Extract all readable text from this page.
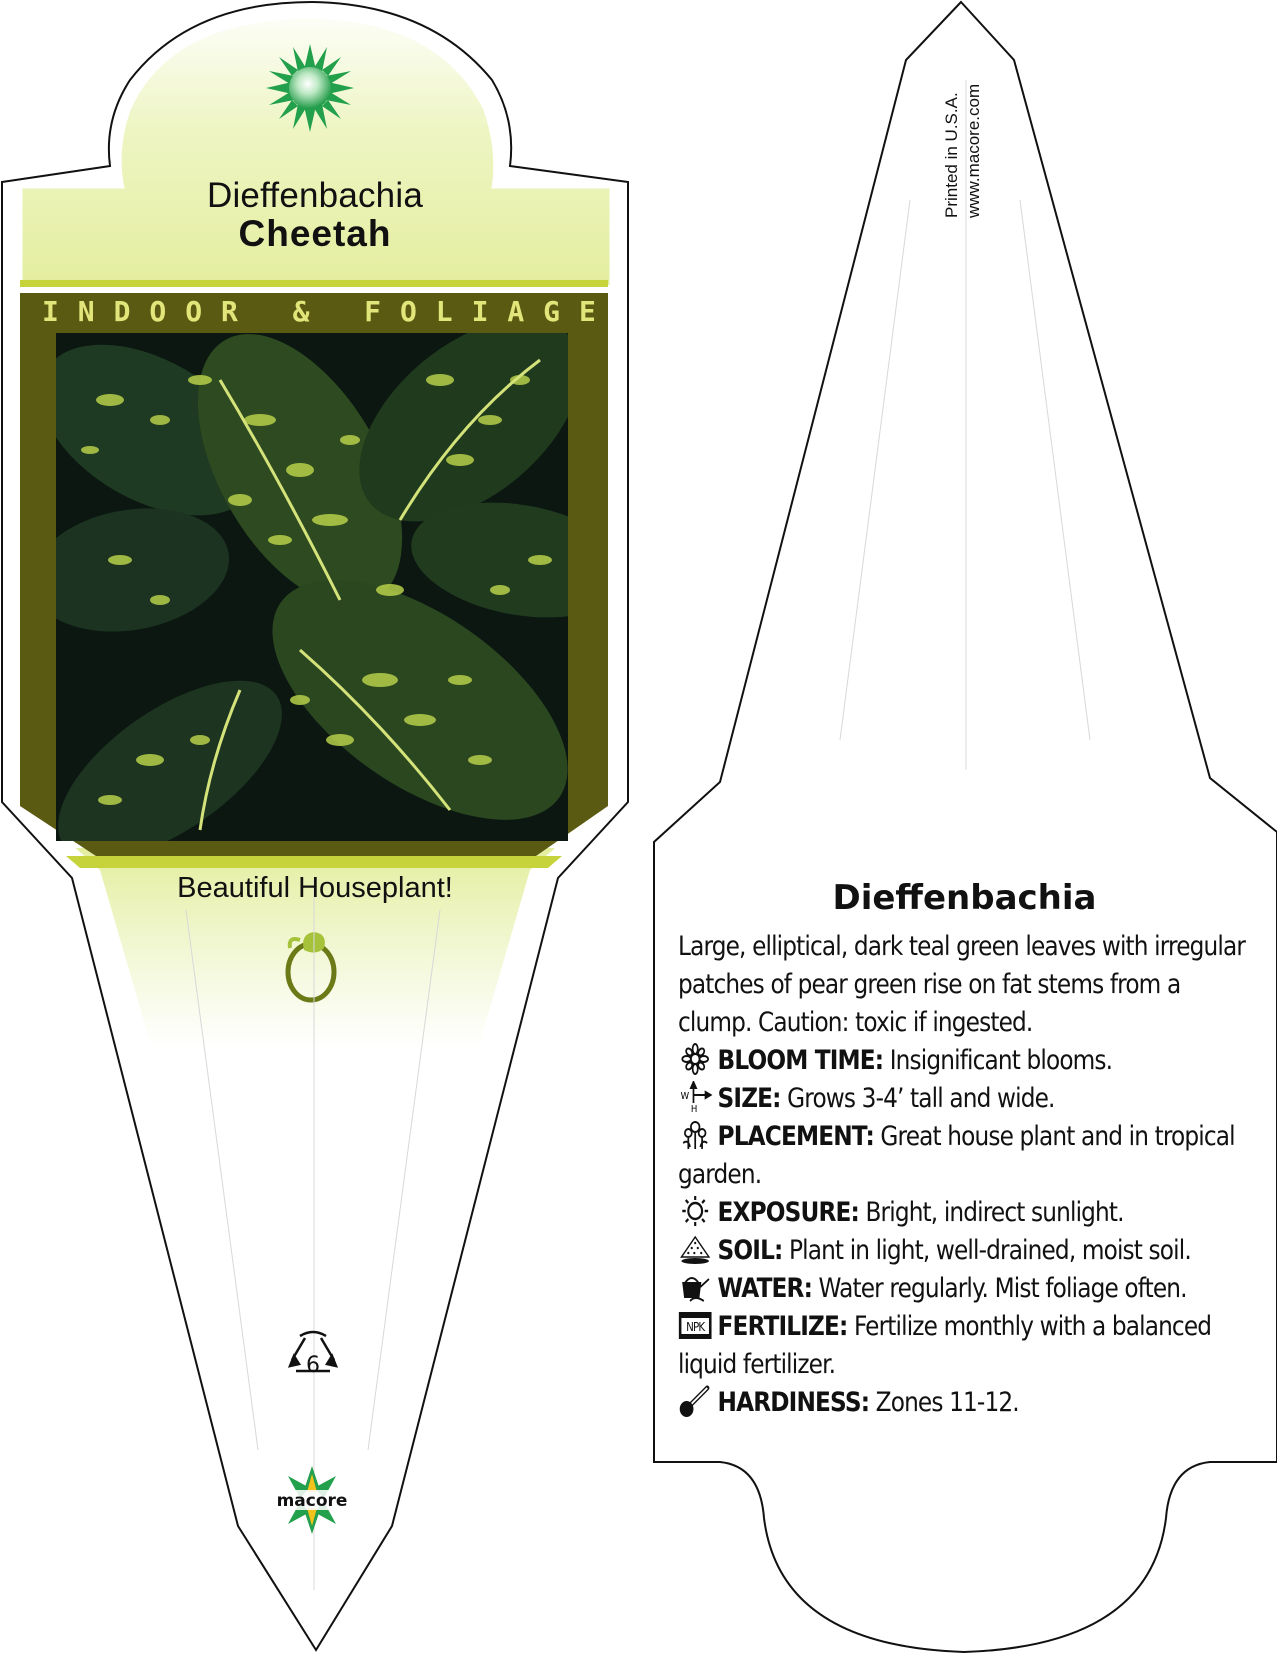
Dieffenbachia
Cheetah
I N D O O R
&
F O L I A G E
Beautiful Houseplant!
6
macore
Printed in U.S.A. www.macore.com
Dieffenbachia
Large, elliptical, dark teal green leaves with irregular patches of pear green rise on fat stems from a clump. Caution: toxic if ingested.
BLOOM TIME: Insignificant blooms.
W
H SIZE: Grows 3-4’ tall and wide.
PLACEMENT: Great house plant and in tropical garden.
EXPOSURE: Bright, indirect sunlight.
SOIL: Plant in light, well-drained, moist soil.
WATER: Water regularly. Mist foliage often.
NPK FERTILIZE: Fertilize monthly with a balanced liquid fertilizer.
HARDINESS: Zones 11-12.
